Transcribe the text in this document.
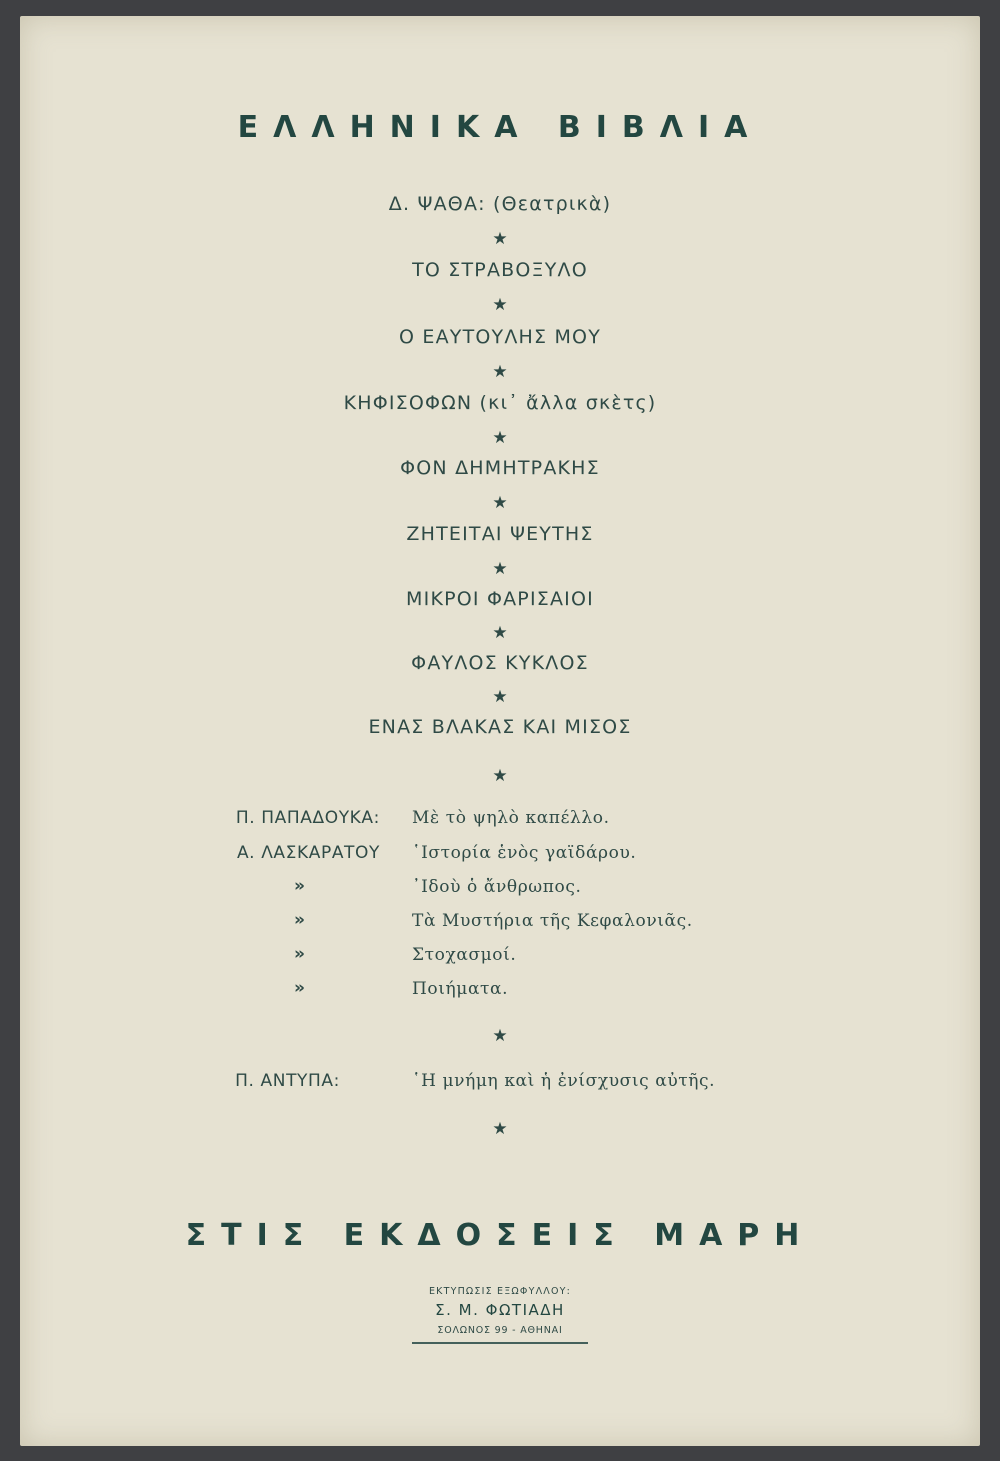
ΕΛΛΗΝΙΚΑ ΒΙΒΛΙΑ
Δ. ΨΑΘΑ: (Θεατρικὰ)
★
ΤΟ ΣΤΡΑΒΟΞΥΛΟ
★
Ο ΕΑΥΤΟΥΛΗΣ ΜΟΥ
★
ΚΗΦΙΣΟΦΩΝ (κι᾽ ἄλλα σκὲτς)
★
ΦΟΝ ΔΗΜΗΤΡΑΚΗΣ
★
ΖΗΤΕΙΤΑΙ ΨΕΥΤΗΣ
★
ΜΙΚΡΟΙ ΦΑΡΙΣΑΙΟΙ
★
ΦΑΥΛΟΣ ΚΥΚΛΟΣ
★
ΕΝΑΣ ΒΛΑΚΑΣ ΚΑΙ ΜΙΣΟΣ
★
Π. ΠΑΠΑΔΟΥΚΑ: Μὲ τὸ ψηλὸ καπέλλο.
Α. ΛΑΣΚΑΡΑΤΟΥ ῾Ιστορία ἑνὸς γαϊδάρου.
»	᾽Ιδοὺ ὁ ἄνθρωπος.
»	Τὰ Μυστήρια τῆς Κεφαλονιᾶς.
»	Στοχασμοί.
»	Ποιήματα.
★
Π. ΑΝΤΥΠΑ:	῾Η μνήμη καὶ ἡ ἐνίσχυσις αὐτῆς.
★
ΣΤΙΣ ΕΚΔΟΣΕΙΣ ΜΑΡΗ
ΕΚΤΥΠΩΣΙΣ ΕΞΩΦΥΛΛΟΥ:
Σ. Μ. ΦΩΤΙΑΔΗ
ΣΟΛΩΝΟΣ 99 - ΑΘΗΝΑΙ
